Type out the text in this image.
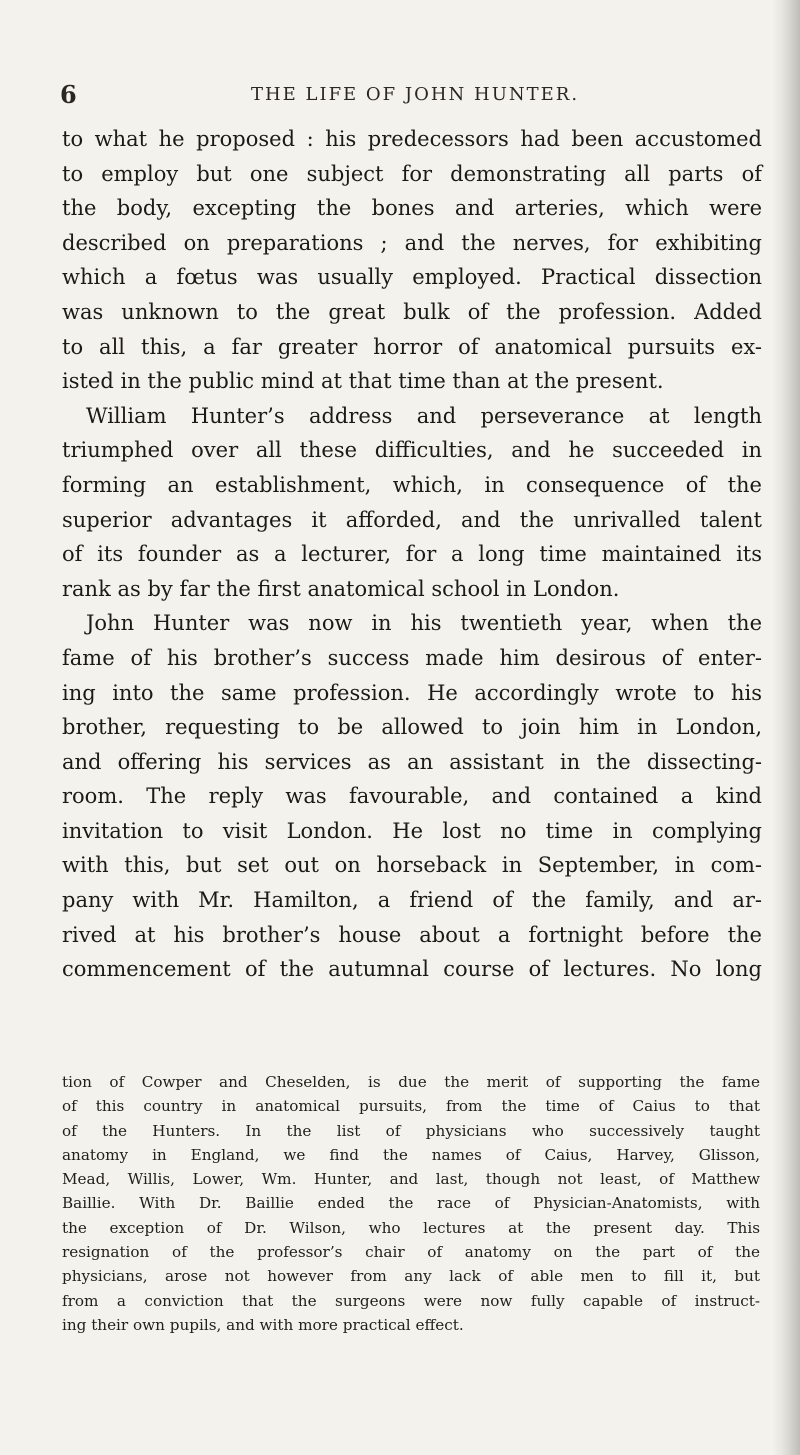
6	THE LIFE OF JOHN HUNTER.
to what he proposed : his predecessors had been accustomed
to employ but one subject for demonstrating all parts of
the body, excepting the bones and arteries, which were
described on preparations ; and the nerves, for exhibiting
which a fœtus was usually employed. Practical dissection
was unknown to the great bulk of the profession. Added
to all this, a far greater horror of anatomical pursuits ex-
isted in the public mind at that time than at the present.
William Hunter’s address and perseverance at length
triumphed over all these difficulties, and he succeeded in
forming an establishment, which, in consequence of the
superior advantages it afforded, and the unrivalled talent
of its founder as a lecturer, for a long time maintained its
rank as by far the first anatomical school in London.
John Hunter was now in his twentieth year, when the
fame of his brother’s success made him desirous of enter-
ing into the same profession. He accordingly wrote to his
brother, requesting to be allowed to join him in London,
and offering his services as an assistant in the dissecting-
room. The reply was favourable, and contained a kind
invitation to visit London. He lost no time in complying
with this, but set out on horseback in September, in com-
pany with Mr. Hamilton, a friend of the family, and ar-
rived at his brother’s house about a fortnight before the
commencement of the autumnal course of lectures. No long
tion of Cowper and Cheselden, is due the merit of supporting the fame
of this country in anatomical pursuits, from the time of Caius to that
of the Hunters. In the list of physicians who successively taught
anatomy in England, we find the names of Caius, Harvey, Glisson,
Mead, Willis, Lower, Wm. Hunter, and last, though not least, of Matthew
Baillie. With Dr. Baillie ended the race of Physician-Anatomists, with
the exception of Dr. Wilson, who lectures at the present day. This
resignation of the professor’s chair of anatomy on the part of the
physicians, arose not however from any lack of able men to fill it, but
from a conviction that the surgeons were now fully capable of instruct-
ing their own pupils, and with more practical effect.
